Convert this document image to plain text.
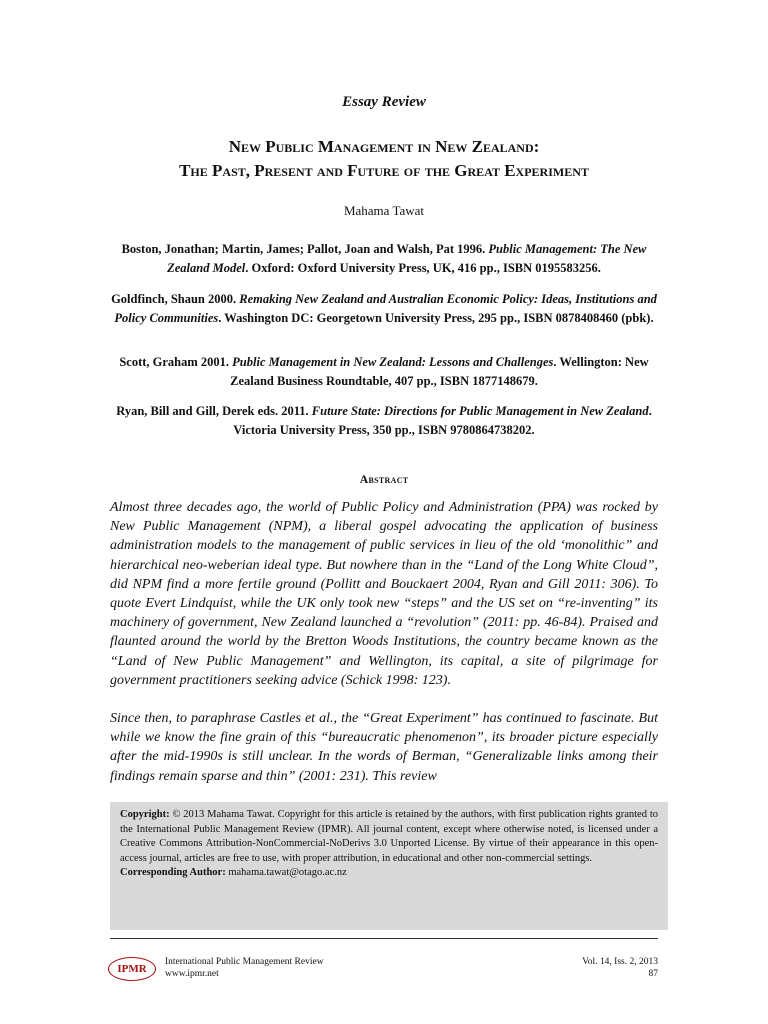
Essay Review
New Public Management in New Zealand:
The Past, Present and Future of the Great Experiment
Mahama Tawat
Boston, Jonathan; Martin, James; Pallot, Joan and Walsh, Pat 1996. Public Management: The New Zealand Model. Oxford: Oxford University Press, UK, 416 pp., ISBN 0195583256.
Goldfinch, Shaun 2000. Remaking New Zealand and Australian Economic Policy: Ideas, Institutions and Policy Communities. Washington DC: Georgetown University Press, 295 pp., ISBN 0878408460 (pbk).
Scott, Graham 2001. Public Management in New Zealand: Lessons and Challenges. Wellington: New Zealand Business Roundtable, 407 pp., ISBN 1877148679.
Ryan, Bill and Gill, Derek eds. 2011. Future State: Directions for Public Management in New Zealand. Victoria University Press, 350 pp., ISBN 9780864738202.
Abstract

Almost three decades ago, the world of Public Policy and Administration (PPA) was rocked by New Public Management (NPM), a liberal gospel advocating the application of business administration models to the management of public services in lieu of the old ‘monolithic” and hierarchical neo-weberian ideal type. But nowhere than in the “Land of the Long White Cloud”, did NPM find a more fertile ground (Pollitt and Bouckaert 2004, Ryan and Gill 2011: 306). To quote Evert Lindquist, while the UK only took new “steps” and the US set on “re-inventing” its machinery of government, New Zealand launched a “revolution” (2011: pp. 46-84). Praised and flaunted around the world by the Bretton Woods Institutions, the country became known as the “Land of New Public Management” and Wellington, its capital, a site of pilgrimage for government practitioners seeking advice (Schick 1998: 123).

Since then, to paraphrase Castles et al., the “Great Experiment” has continued to fascinate. But while we know the fine grain of this “bureaucratic phenomenon”, its broader picture especially after the mid-1990s is still unclear. In the words of Berman, “Generalizable links among their findings remain sparse and thin” (2001: 231). This review

Copyright: © 2013 Mahama Tawat. Copyright for this article is retained by the authors, with first publication rights granted to the International Public Management Review (IPMR). All journal content, except where otherwise noted, is licensed under a Creative Commons Attribution-NonCommercial-NoDerivs 3.0 Unported License. By virtue of their appearance in this open-access journal, articles are free to use, with proper attribution, in educational and other non-commercial settings.
Corresponding Author: mahama.tawat@otago.ac.nz
IPMR
International Public Management Review
www.ipmr.net
Vol. 14, Iss. 2, 2013
87
